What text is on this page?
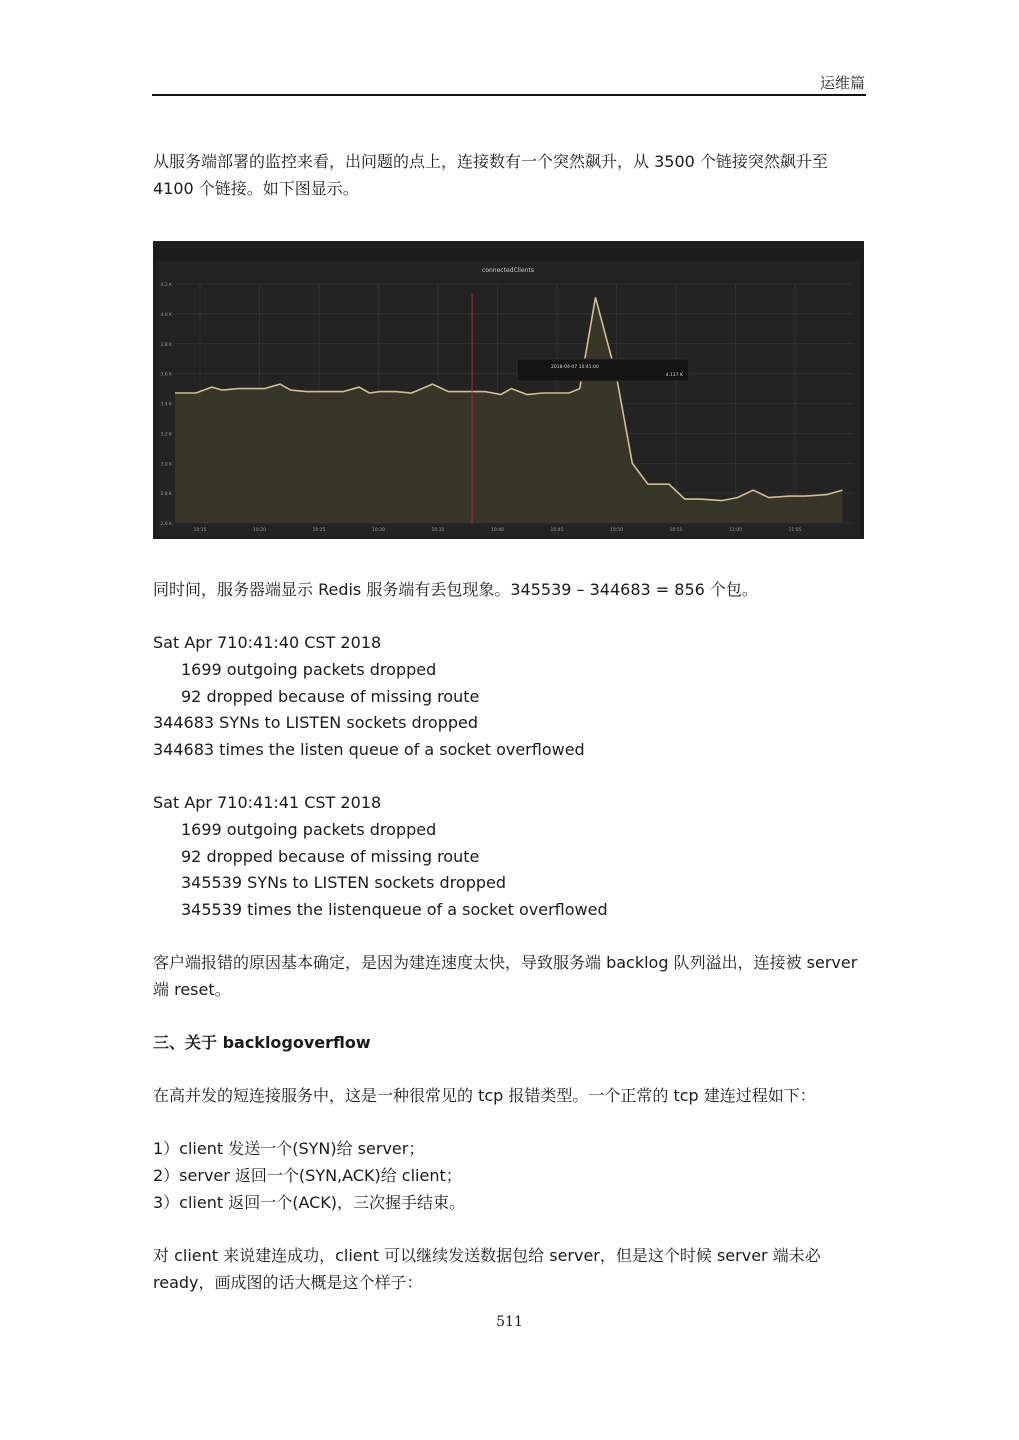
运维篇

从服务端部署的监控来看，出问题的点上，连接数有一个突然飙升，从 3500 个链接突然飙升至 4100 个链接。如下图显示。

connectedClients
2.6 K
2.8 K
3.0 K
3.2 K
3.4 K
3.6 K
3.8 K
4.0 K
4.2 K
10:15	10:20	10:25	10:30	10:35	10:40	10:45	10:50	10:55	11:00	11:05
2018-04-07 10:41:00
4.117 K

同时间，服务器端显示 Redis 服务端有丢包现象。345539 – 344683 = 856 个包。

Sat Apr 710:41:40 CST 2018
1699 outgoing packets dropped
92 dropped because of missing route
344683 SYNs to LISTEN sockets dropped
344683 times the listen queue of a socket overflowed
Sat Apr 710:41:41 CST 2018
1699 outgoing packets dropped
92 dropped because of missing route
345539 SYNs to LISTEN sockets dropped
345539 times the listenqueue of a socket overflowed

客户端报错的原因基本确定，是因为建连速度太快，导致服务端 backlog 队列溢出，连接被 server 端 reset。

三、关于 backlogoverflow

在高并发的短连接服务中，这是一种很常见的 tcp 报错类型。一个正常的 tcp 建连过程如下：

1）client 发送一个(SYN)给 server；
2）server 返回一个(SYN,ACK)给 client；
3）client 返回一个(ACK)，三次握手结束。

对 client 来说建连成功，client 可以继续发送数据包给 server，但是这个时候 server 端未必 ready，画成图的话大概是这个样子：

511
